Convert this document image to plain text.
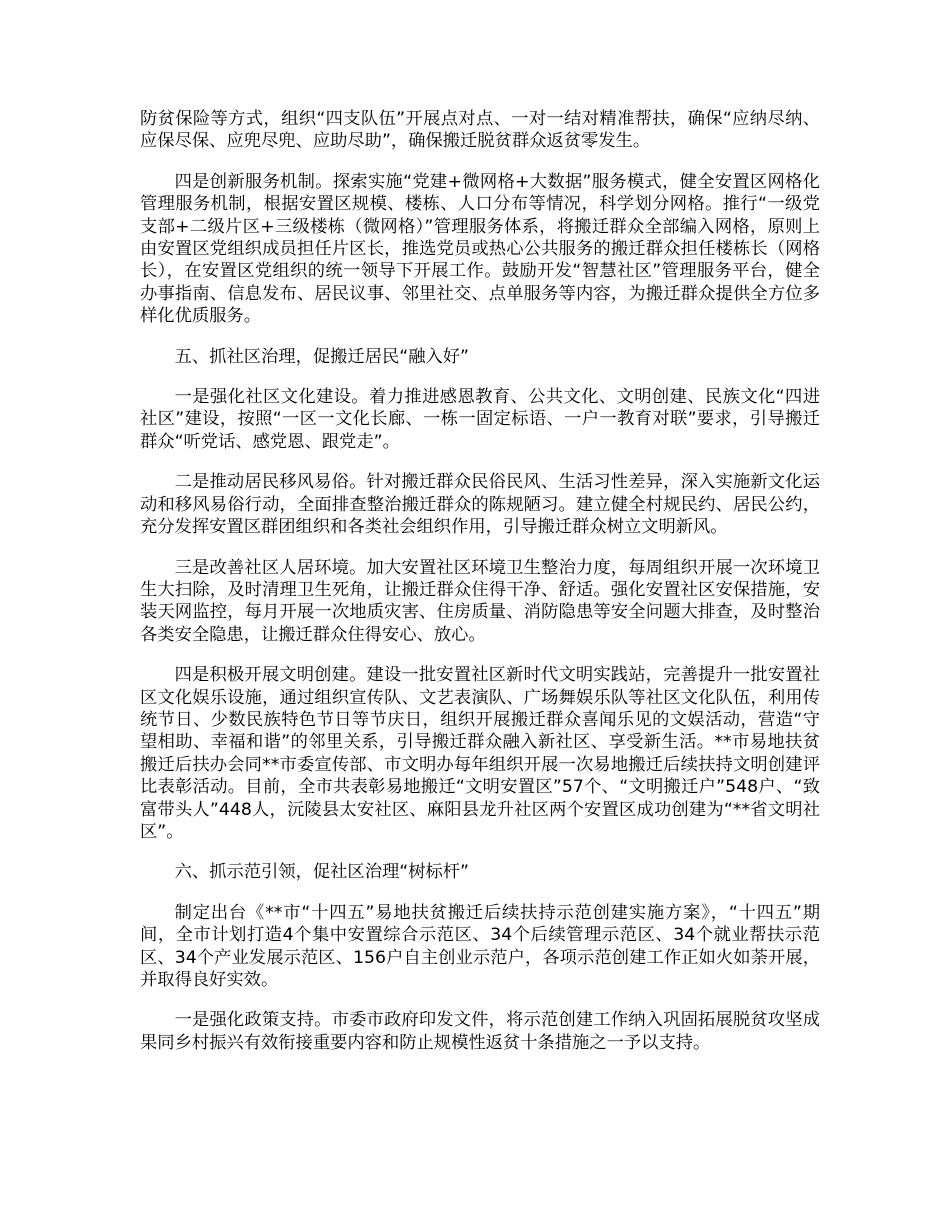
防贫保险等方式，组织“四支队伍”开展点对点、一对一结对精准帮扶，确保“应纳尽纳、应保尽保、应兜尽兜、应助尽助”，确保搬迁脱贫群众返贫零发生。

四是创新服务机制。探索实施“党建+微网格+大数据”服务模式，健全安置区网格化管理服务机制，根据安置区规模、楼栋、人口分布等情况，科学划分网格。推行“一级党支部+二级片区+三级楼栋（微网格）”管理服务体系，将搬迁群众全部编入网格，原则上由安置区党组织成员担任片区长，推选党员或热心公共服务的搬迁群众担任楼栋长（网格长），在安置区党组织的统一领导下开展工作。鼓励开发“智慧社区”管理服务平台，健全办事指南、信息发布、居民议事、邻里社交、点单服务等内容，为搬迁群众提供全方位多样化优质服务。

五、抓社区治理，促搬迁居民“融入好”

一是强化社区文化建设。着力推进感恩教育、公共文化、文明创建、民族文化“四进社区”建设，按照“一区一文化长廊、一栋一固定标语、一户一教育对联”要求，引导搬迁群众“听党话、感党恩、跟党走”。

二是推动居民移风易俗。针对搬迁群众民俗民风、生活习性差异，深入实施新文化运动和移风易俗行动，全面排查整治搬迁群众的陈规陋习。建立健全村规民约、居民公约，充分发挥安置区群团组织和各类社会组织作用，引导搬迁群众树立文明新风。

三是改善社区人居环境。加大安置社区环境卫生整治力度，每周组织开展一次环境卫生大扫除，及时清理卫生死角，让搬迁群众住得干净、舒适。强化安置社区安保措施，安装天网监控，每月开展一次地质灾害、住房质量、消防隐患等安全问题大排查，及时整治各类安全隐患，让搬迁群众住得安心、放心。

四是积极开展文明创建。建设一批安置社区新时代文明实践站，完善提升一批安置社区文化娱乐设施，通过组织宣传队、文艺表演队、广场舞娱乐队等社区文化队伍，利用传统节日、少数民族特色节日等节庆日，组织开展搬迁群众喜闻乐见的文娱活动，营造“守望相助、幸福和谐”的邻里关系，引导搬迁群众融入新社区、享受新生活。**市易地扶贫搬迁后扶办会同**市委宣传部、市文明办每年组织开展一次易地搬迁后续扶持文明创建评比表彰活动。目前，全市共表彰易地搬迁“文明安置区”57个、“文明搬迁户”548户、“致富带头人”448人，沅陵县太安社区、麻阳县龙升社区两个安置区成功创建为“**省文明社区”。

六、抓示范引领，促社区治理“树标杆”

制定出台《**市“十四五”易地扶贫搬迁后续扶持示范创建实施方案》，“十四五”期间，全市计划打造4个集中安置综合示范区、34个后续管理示范区、34个就业帮扶示范区、34个产业发展示范区、156户自主创业示范户，各项示范创建工作正如火如荼开展，并取得良好实效。

一是强化政策支持。市委市政府印发文件，将示范创建工作纳入巩固拓展脱贫攻坚成果同乡村振兴有效衔接重要内容和防止规模性返贫十条措施之一予以支持。
